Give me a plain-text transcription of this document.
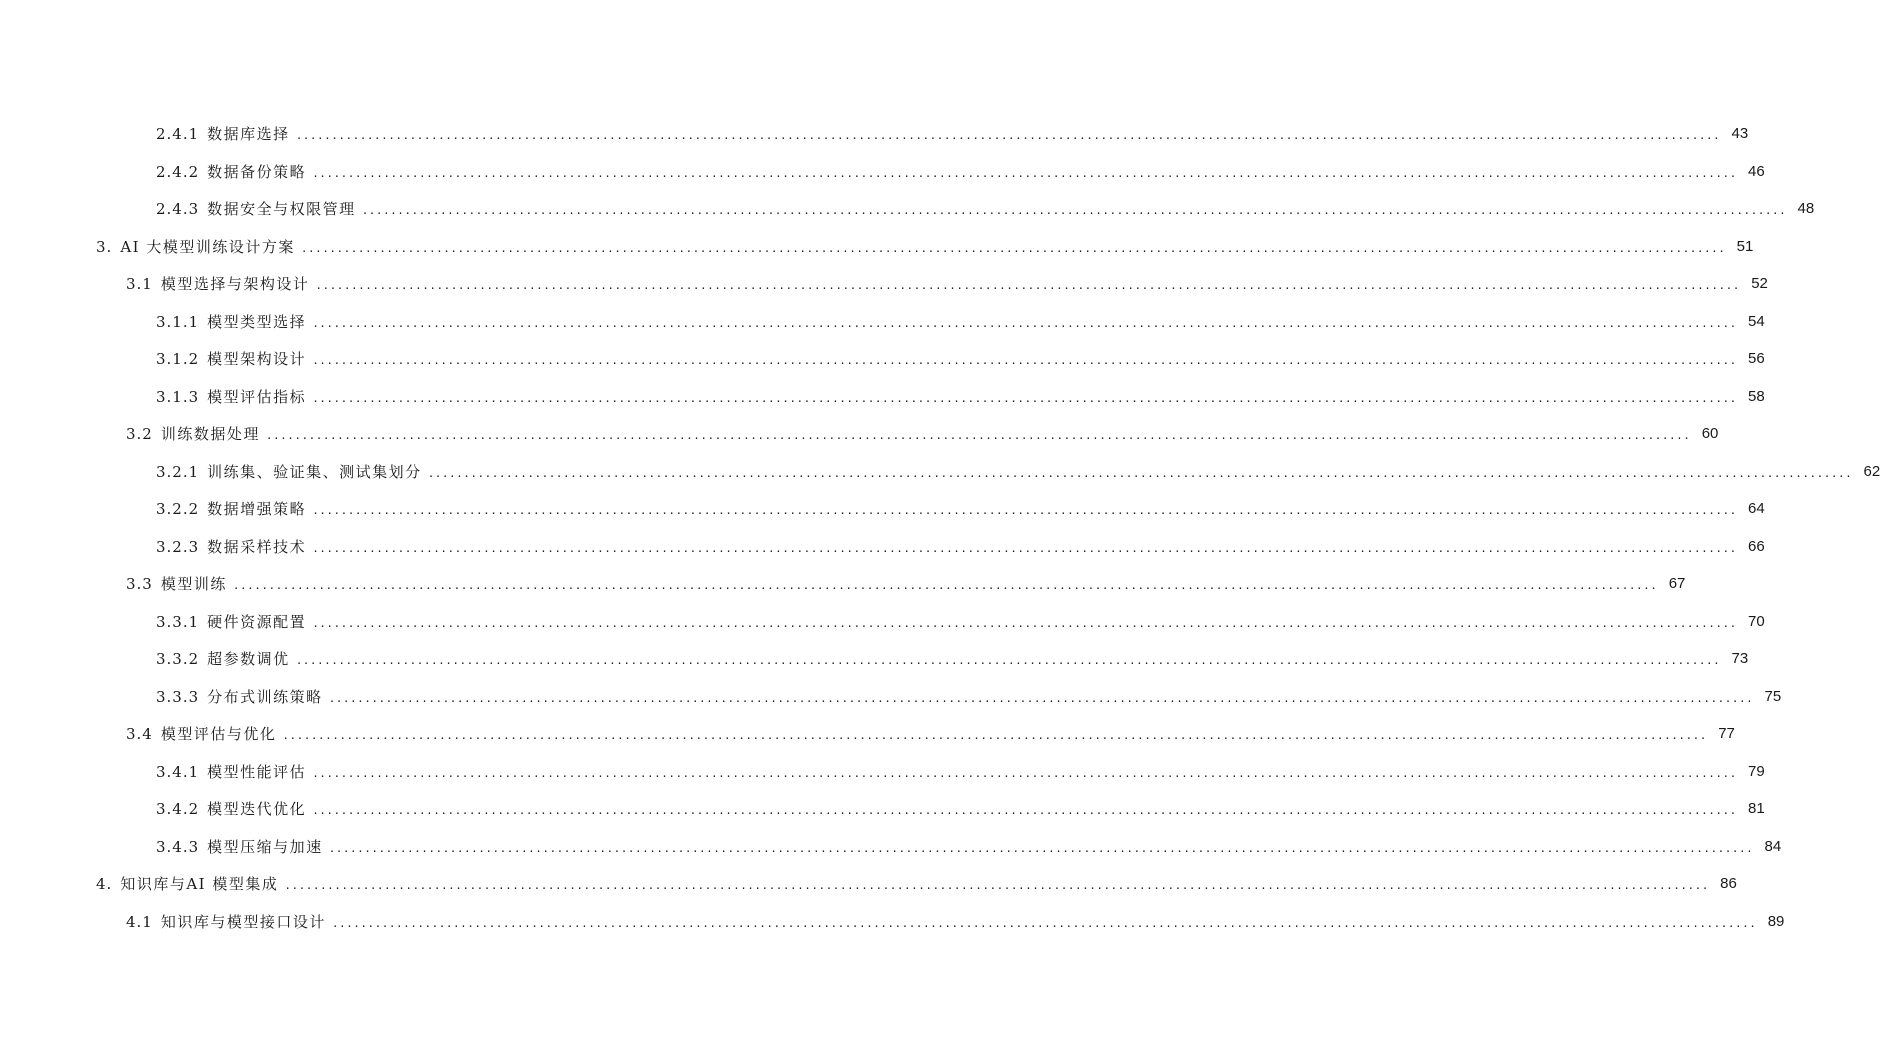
2.4.1 数据库选择 ........................................................................................................................................................................................................ 43
2.4.2 数据备份策略 ........................................................................................................................................................................................................ 46
2.4.3 数据安全与权限管理 ........................................................................................................................................................................................................ 48
3. AI 大模型训练设计方案 ........................................................................................................................................................................................................ 51
3.1 模型选择与架构设计 ........................................................................................................................................................................................................ 52
3.1.1 模型类型选择 ........................................................................................................................................................................................................ 54
3.1.2 模型架构设计 ........................................................................................................................................................................................................ 56
3.1.3 模型评估指标 ........................................................................................................................................................................................................ 58
3.2 训练数据处理 ........................................................................................................................................................................................................ 60
3.2.1 训练集、验证集、测试集划分 ........................................................................................................................................................................................................ 62
3.2.2 数据增强策略 ........................................................................................................................................................................................................ 64
3.2.3 数据采样技术 ........................................................................................................................................................................................................ 66
3.3 模型训练 ........................................................................................................................................................................................................ 67
3.3.1 硬件资源配置 ........................................................................................................................................................................................................ 70
3.3.2 超参数调优 ........................................................................................................................................................................................................ 73
3.3.3 分布式训练策略 ........................................................................................................................................................................................................ 75
3.4 模型评估与优化 ........................................................................................................................................................................................................ 77
3.4.1 模型性能评估 ........................................................................................................................................................................................................ 79
3.4.2 模型迭代优化 ........................................................................................................................................................................................................ 81
3.4.3 模型压缩与加速 ........................................................................................................................................................................................................ 84
4. 知识库与AI 模型集成 ........................................................................................................................................................................................................ 86
4.1 知识库与模型接口设计 ........................................................................................................................................................................................................ 89
